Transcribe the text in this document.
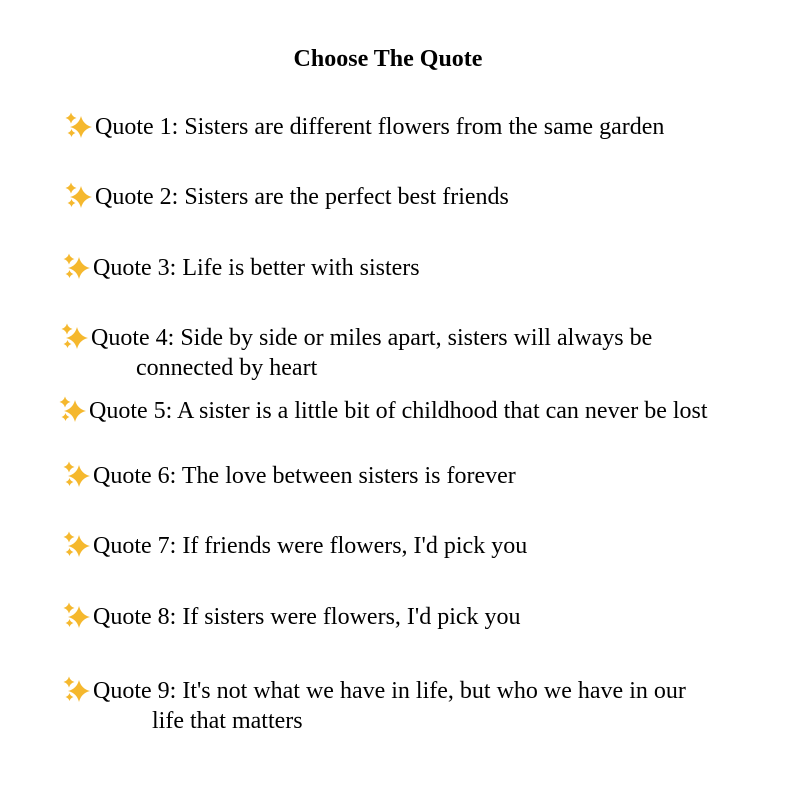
Choose The Quote
Quote 1: Sisters are different flowers from the same garden
Quote 2: Sisters are the perfect best friends
Quote 3: Life is better with sisters
Quote 4: Side by side or miles apart, sisters will always be
connected by heart
Quote 5: A sister is a little bit of childhood that can never be lost
Quote 6: The love between sisters is forever
Quote 7: If friends were flowers, I'd pick you
Quote 8: If sisters were flowers, I'd pick you
Quote 9: It's not what we have in life, but who we have in our
life that matters
